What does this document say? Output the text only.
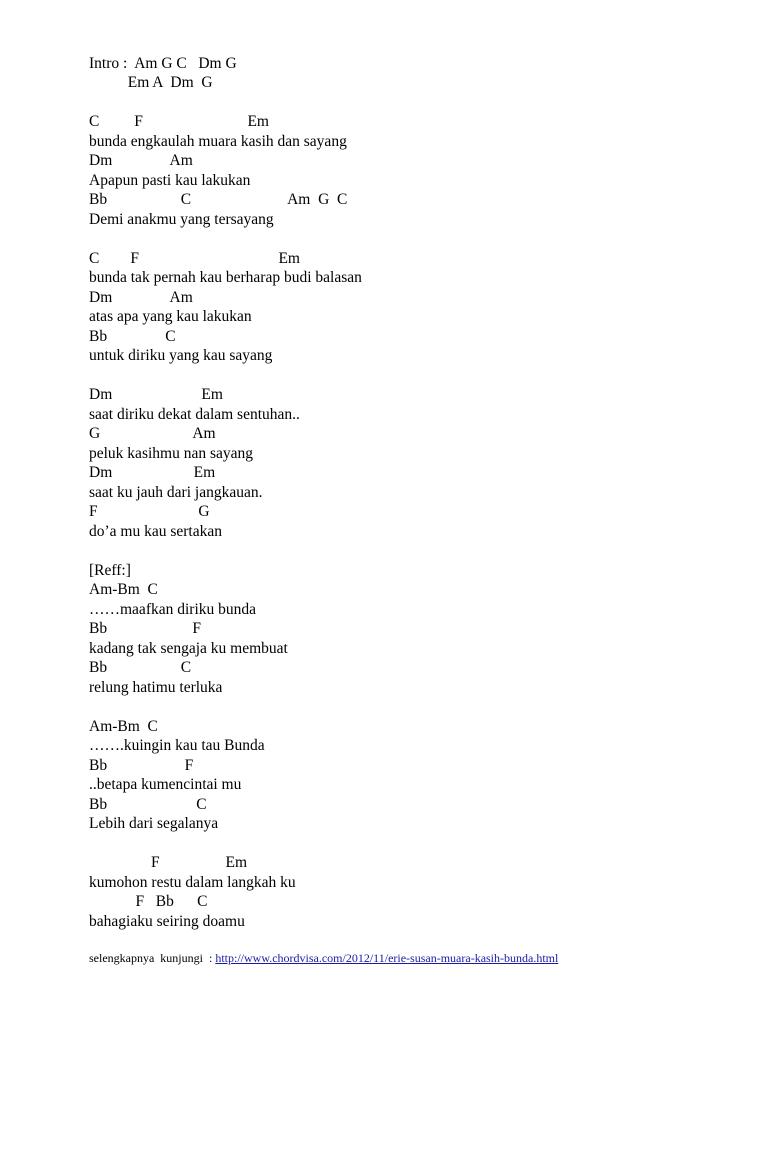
Intro :  Am G C   Dm G

Em A  Dm  G

C         F                           Em

bunda engkaulah muara kasih dan sayang

Dm               Am

Apapun pasti kau lakukan

Bb                   C                         Am  G  C

Demi anakmu yang tersayang

C        F                                    Em

bunda tak pernah kau berharap budi balasan

Dm               Am

atas apa yang kau lakukan

Bb               C

untuk diriku yang kau sayang

Dm                       Em

saat diriku dekat dalam sentuhan..

G                        Am

peluk kasihmu nan sayang

Dm                     Em

saat ku jauh dari jangkauan.

F                          G

do’a mu kau sertakan

[Reff:]

Am-Bm  C

……maafkan diriku bunda

Bb                      F

kadang tak sengaja ku membuat

Bb                   C

relung hatimu terluka

Am-Bm  C

…….kuingin kau tau Bunda

Bb                    F

..betapa kumencintai mu

Bb                       C

Lebih dari segalanya

F                 Em

kumohon restu dalam langkah ku

F   Bb      C

bahagiaku seiring doamu

selengkapnya  kunjungi  : http://www.chordvisa.com/2012/11/erie-susan-muara-kasih-bunda.html
